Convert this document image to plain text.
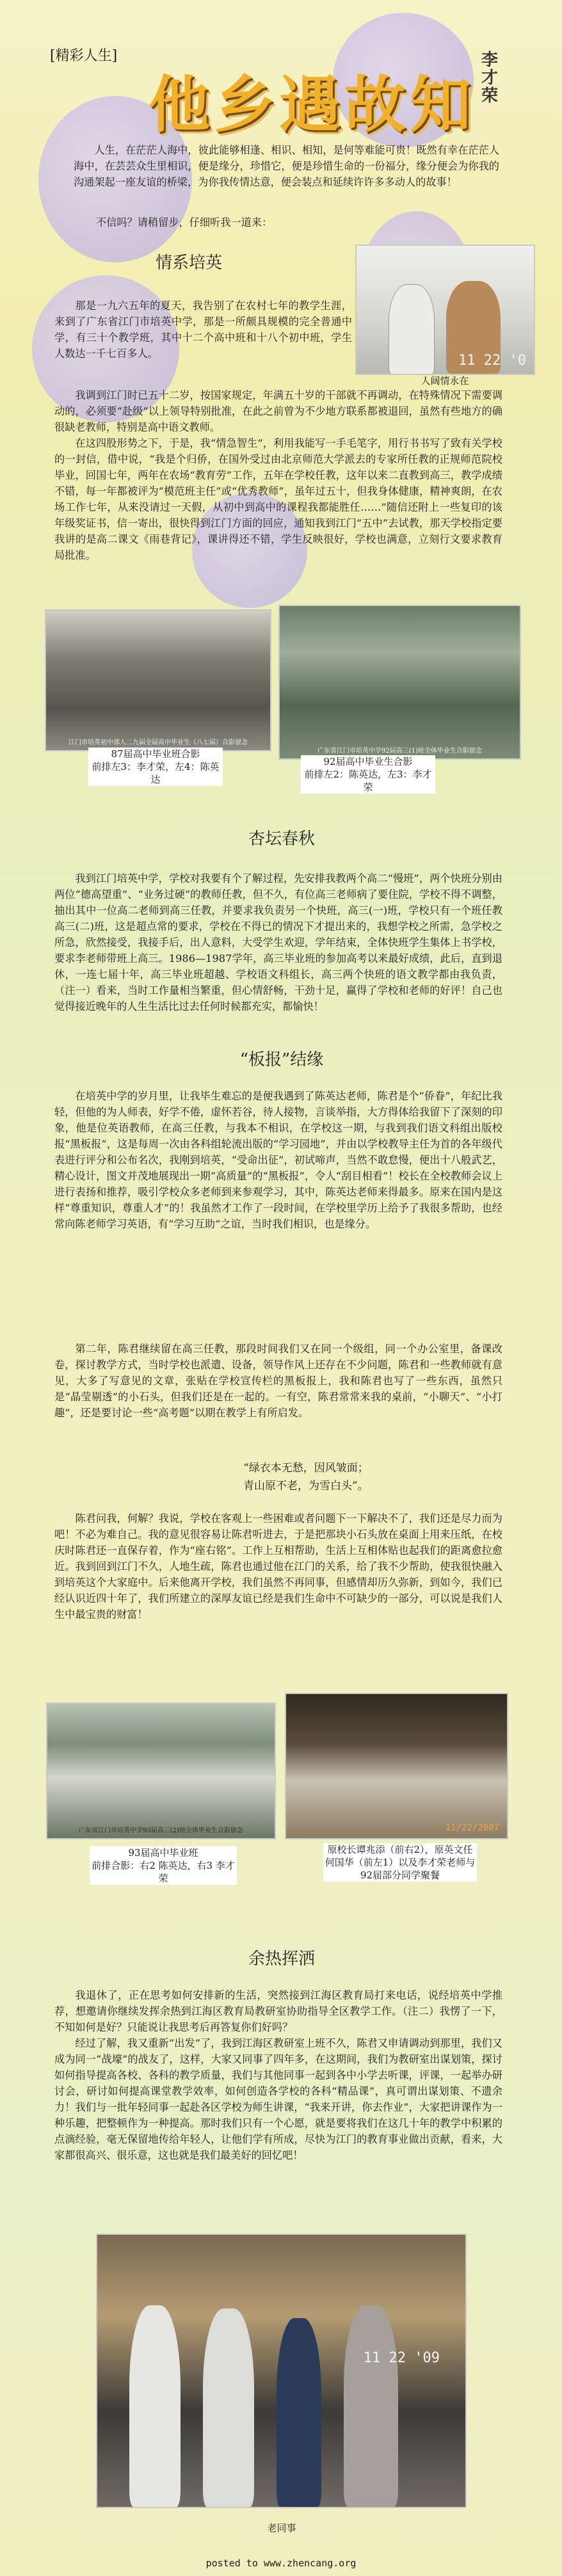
[精彩人生]
他乡遇故知
李才荣
人生，在茫茫人海中，彼此能够相逢、相识、相知，是何等难能可贵！既然有幸在茫茫人海中，在芸芸众生里相识，便是缘分，珍惜它，便是珍惜生命的一份福分，缘分便会为你我的沟通架起一座友谊的桥梁，为你我传情达意，便会装点和延续许许多多动人的故事！
不信吗？请稍留步，仔细听我一道来：
情系培英
11 22 '0
人阔情永在
那是一九六五年的夏天，我告别了在农村七年的教学生涯，来到了广东省江门市培英中学，那是一所颇具规模的完全普通中学，有三十个教学班，其中十二个高中班和十八个初中班，学生人数达一千七百多人。
我调到江门时已五十二岁，按国家规定，年满五十岁的干部就不再调动，在特殊情况下需要调动的，必须要“赴级”以上领导特别批准，在此之前曾为不少地方联系都被退回，虽然有些地方的确很缺老教师，特别是高中语文教师。
在这四股形势之下，于是，我“情急智生”，利用我能写一手毛笔字，用行书书写了致有关学校的一封信，借中说，“我是个归侨，在国外受过由北京师范大学派去的专家所任教的正规师范院校毕业，回国七年，两年在农场“教育劳”工作，五年在学校任教，这年以来二直教到高三，教学成绩不错，每一年都被评为“模范班主任”或“优秀教师”，虽年过五十，但我身体健康，精神爽朗，在农场工作七年，从来没请过一天假，从初中到高中的课程我都能胜任……”随信还附上一些复印的该年级奖证书，信一寄出，很快得到江门方面的回应，通知我到江门“五中”去试教，那天学校指定要我讲的是高二课文《雨巷背记》，课讲得还不错，学生反映很好，学校也满意，立刻行文要求教育局批准。
江门市培英初中部人二九届全届高中毕业生（八七届）合影留念
87届高中毕业班合影
前排左3：李才荣，左4：陈英达
广东省江门市培英中学92届高三(1)班全体毕业生合影留念
92届高中毕业生合影
前排左2：陈英达，左3：李才荣
杏坛春秋
我到江门培英中学，学校对我要有个了解过程，先安排我教两个高二“慢班”，两个快班分别由两位“德高望重”、“业务过硬”的教师任教，但不久，有位高三老师病了要住院，学校不得不调整，抽出其中一位高二老师到高三任教，并要求我负责另一个快班，高三(一)班，学校只有一个班任教高三(二)班，这是超点常的要求，学校在不得已的情况下才提出来的，我想学校之所需，急学校之所急，欣然接受，我接手后，出人意料，大受学生欢迎，学年结束，全体快班学生集体上书学校，要求李老师带班上高三。1986—1987学年，高三毕业班的参加高考以来最好成绩，此后，直到退休，一连七届十年，高三毕业班超越、学校语文科组长，高三两个快班的语文教学都由我负责，（注一）看来，当时工作量相当繁重，但心情舒畅，干劲十足，赢得了学校和老师的好评！自己也觉得接近晚年的人生生活比过去任何时候都充实，都愉快！
“板报”结缘
在培英中学的岁月里，让我毕生难忘的是便我遇到了陈英达老师，陈君是个“侨眷”，年纪比我轻，但他的为人师表，好学不倦，虚怀若谷，待人接物，言谈举指，大方得体给我留下了深刻的印象，他是位英语教师，在高三任教，与我本不相识，在学校这一期，与我到我们语文科组出版校报“黑板报”，这是每周一次由各科组轮流出版的“学习园地”，并由以学校教导主任为首的各年级代表进行评分和公布名次，我刚到培英，“受命出征”，初试啼声，当然不敢怠慢，便出十八般武艺，精心设计，图文并茂地展现出一期“高质量”的“黑板报”，令人“刮目相看”！校长在全校教师会议上进行表扬和推荐，吸引学校众多老师到来参观学习，其中，陈英达老师来得最多。原来在国内是这样“尊重知识，尊重人才”的！我虽然才工作了一段时间，在学校里学历上给予了我很多帮助，也经常向陈老师学习英语，有“学习互助”之谊，当时我们相识，也是缘分。
第二年，陈君继续留在高三任教，那段时间我们又在同一个级组，同一个办公室里，备课改卷，探讨教学方式，当时学校也派遣、设备，领导作风上还存在不少问题，陈君和一些教师就有意见，大多了写意见的文章，张贴在学校宣传栏的黑板报上，我和陈君也写了一些东西，虽然只是“晶莹剔透”的小石头，但我们还是在一起的。一有空，陈君常常来我的桌前，“小聊天”、“小打趣”，还是要讨论一些“高考题”以期在教学上有所启发。
“绿衣本无愁，因风皱面；
青山原不老，为雪白头”。
陈君问我，何解？我说，学校在客观上一些困难或者问题下一下解决不了，我们还是尽力而为吧！不必为难自己。我的意见很容易让陈君听进去，于是把那块小石头放在桌面上用来压纸，在校庆时陈君还一直保存着，作为“座右铭”。工作上互相帮助，生活上互相体贴也起我们的距离愈拉愈近。我到回到江门不久，人地生疏，陈君也通过他在江门的关系，给了我不少帮助，使我很快融入到培英这个大家庭中。后来他离开学校，我们虽然不再同事，但感情却历久弥新，到如今，我们已经认识近四十年了，我们所建立的深厚友谊已经是我们生命中不可缺少的一部分，可以说是我们人生中最宝贵的财富！
广东省江门市培英中学93届高三(2)班全体毕业生合影留念
93届高中毕业班
前排合影：右2 陈英达，右3 李才荣
11/22/2007
原校长谭兆添（前右2），原英文任何国华（前左1）以及李才荣老师与92届部分同学聚餐
余热挥洒
我退休了，正在思考如何安排新的生活，突然接到江海区教育局打来电话，说经培英中学推荐，想邀请你继续发挥余热到江海区教育局教研室协助指导全区教学工作。（注二）我愣了一下，不知如何是好？只能说让我思考后再答复你们好吗？
经过了解，我又重新“出发”了，我到江海区教研室上班不久，陈君又申请调动到那里，我们又成为同一“战壕”的战友了，这样，大家又同事了四年多，在这期间，我们为教研室出谋划策，探讨如何指导提高各校、各科的教学质量，我们与其他同事一起到各中小学去听课，评课，一起举办研讨会，研讨如何提高课堂教学效率，如何创造各学校的各科“精品课”，真可谓出谋划策、不遗余力！我们与一批年轻同事一起赴各区学校为师生讲课，“我来开讲，你去作业”，大家把讲课作为一种乐趣，把整顿作为一种提高。那时我们只有一个心愿，就是要将我们在这几十年的教学中积累的点滴经验，毫无保留地传给年轻人，让他们学有所成，尽快为江门的教育事业做出贡献，看来，大家都很高兴、很乐意，这也就是我们最美好的回忆吧！
11 22 '09
老同事
posted to www.zhencang.org
